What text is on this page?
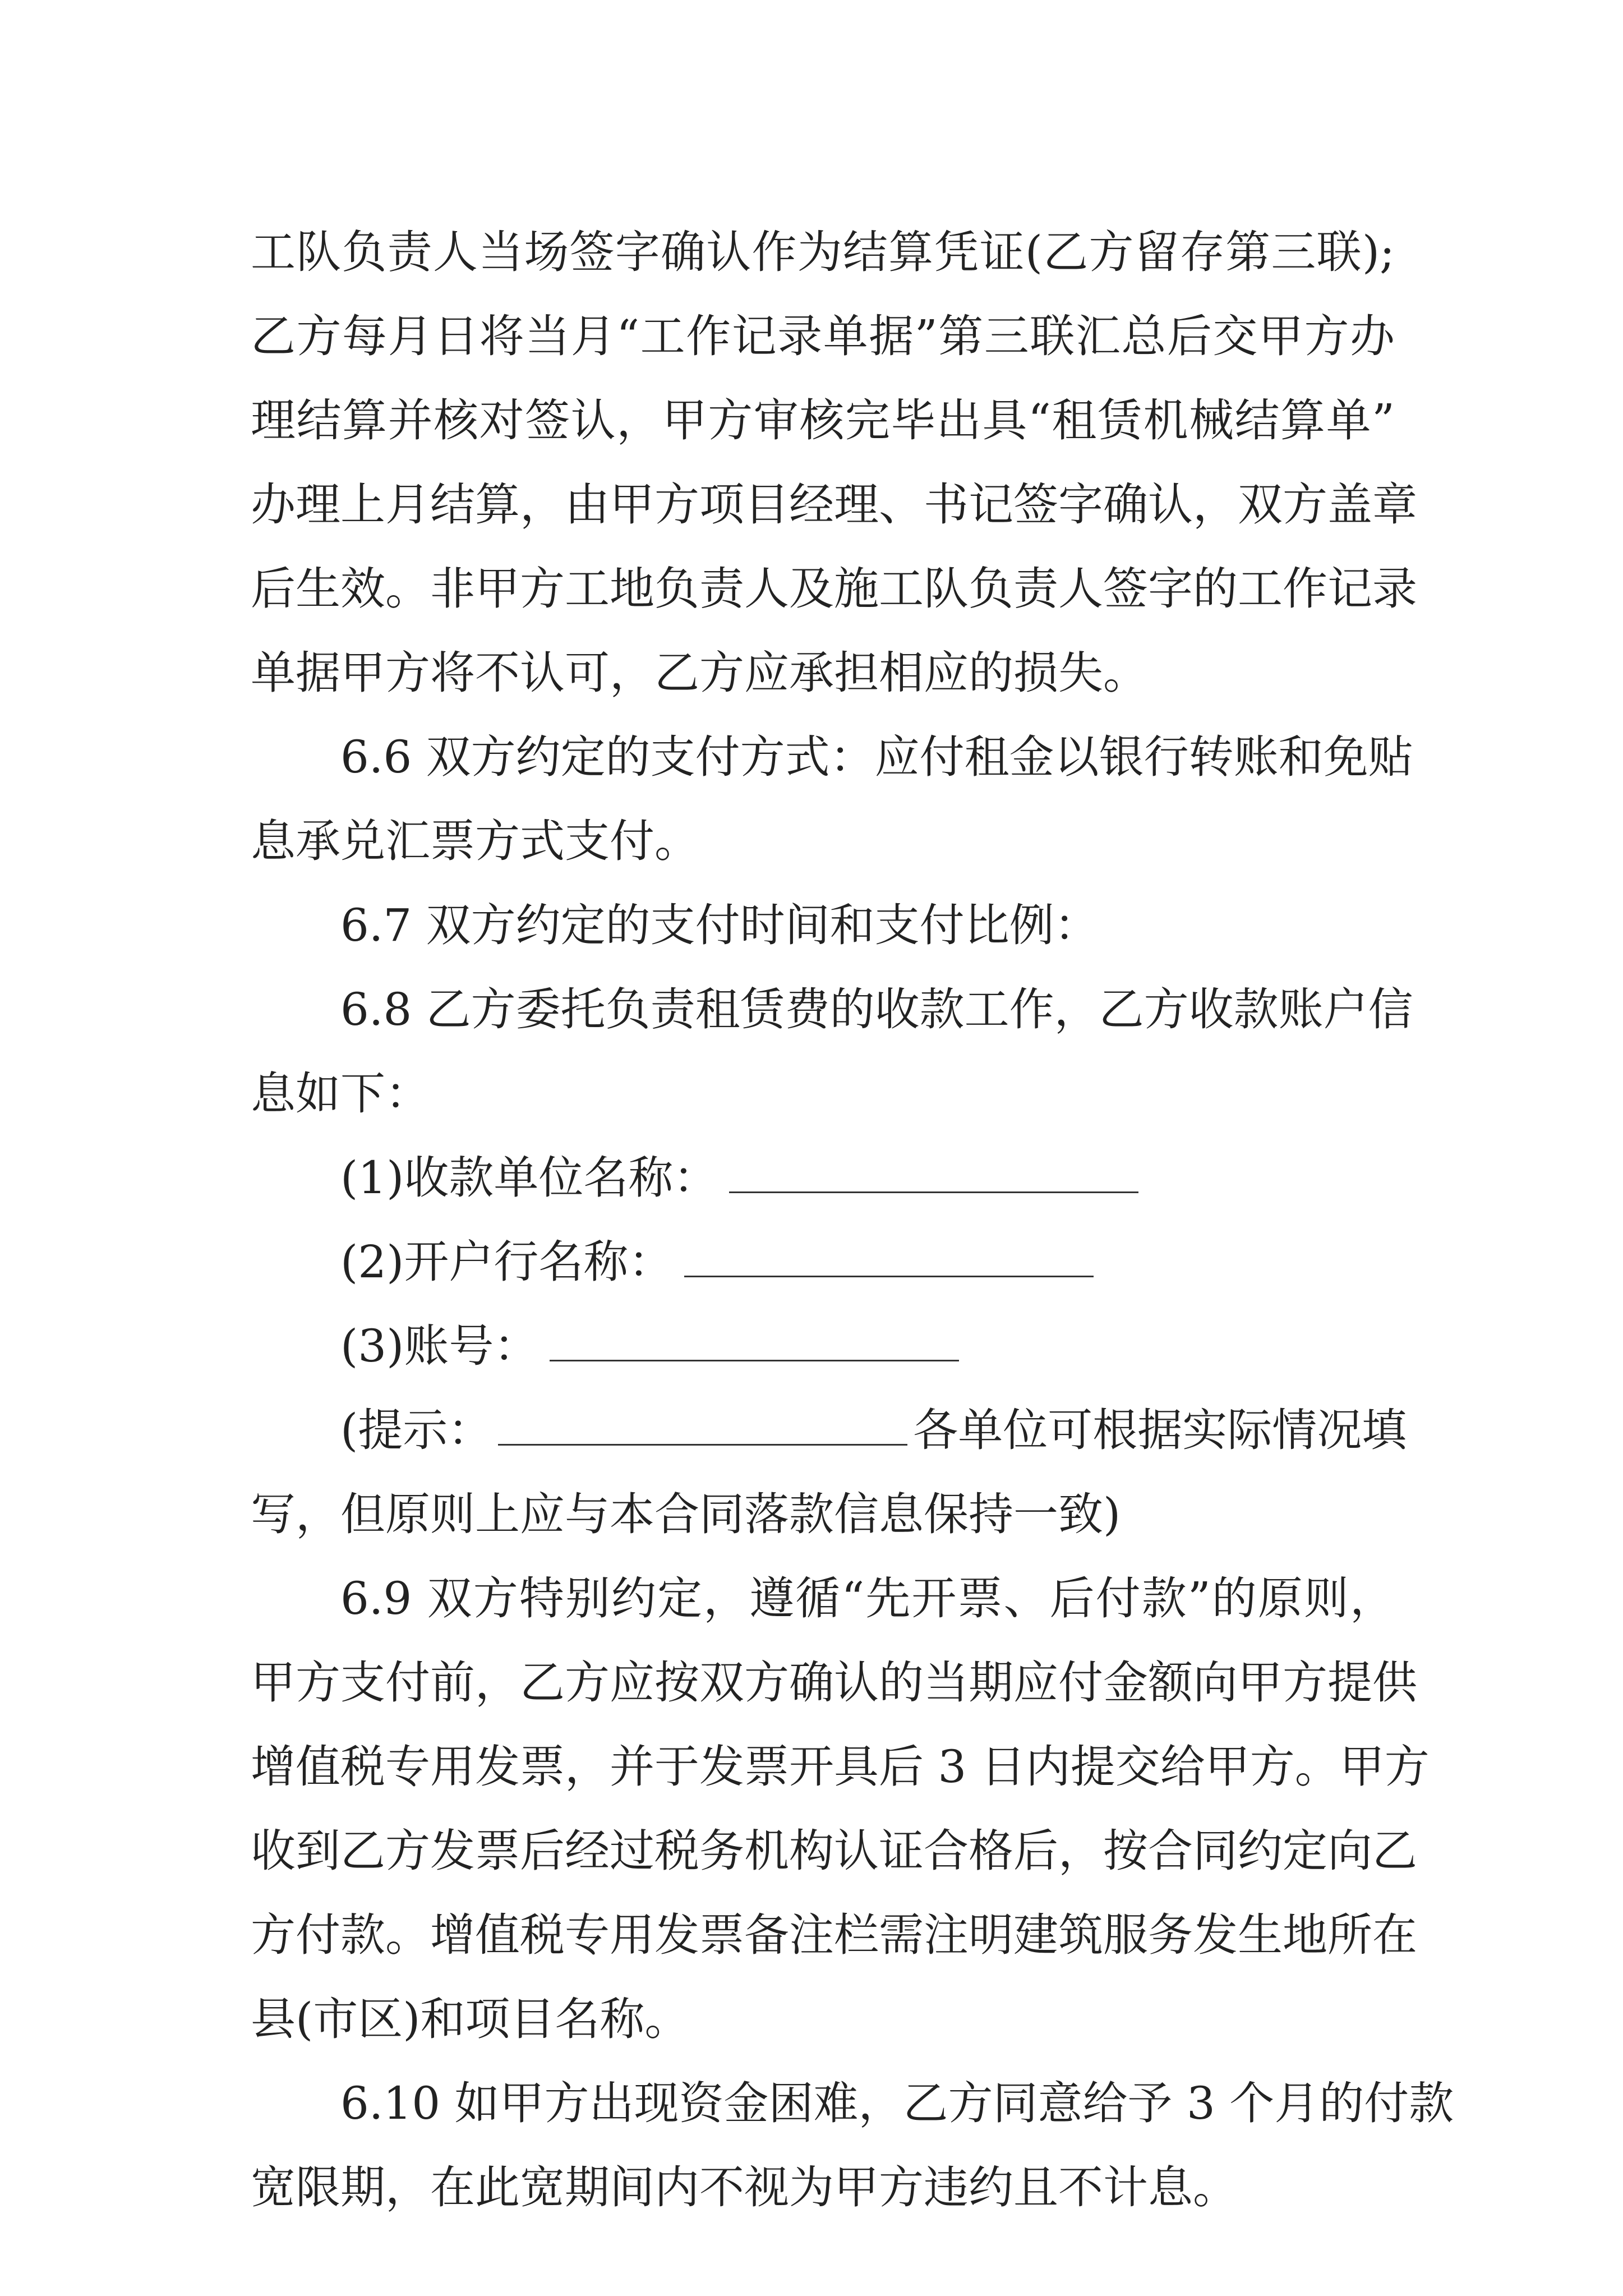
工队负责人当场签字确认作为结算凭证(乙方留存第三联);
乙方每月日将当月“工作记录单据”第三联汇总后交甲方办
理结算并核对签认，甲方审核完毕出具“租赁机械结算单”
办理上月结算，由甲方项目经理、书记签字确认，双方盖章
后生效。非甲方工地负责人及施工队负责人签字的工作记录
单据甲方将不认可，乙方应承担相应的损失。
6.6 双方约定的支付方式：应付租金以银行转账和免贴
息承兑汇票方式支付。
6.7 双方约定的支付时间和支付比例：
6.8 乙方委托负责租赁费的收款工作，乙方收款账户信
息如下：
(1)收款单位名称：
(2)开户行名称：
(3)账号：
(提示：	各单位可根据实际情况填
写，但原则上应与本合同落款信息保持一致)
6.9 双方特别约定，遵循“先开票、后付款”的原则，
甲方支付前，乙方应按双方确认的当期应付金额向甲方提供
增值税专用发票，并于发票开具后 3 日内提交给甲方。甲方
收到乙方发票后经过税务机构认证合格后，按合同约定向乙
方付款。增值税专用发票备注栏需注明建筑服务发生地所在
县(市区)和项目名称。
6.10 如甲方出现资金困难，乙方同意给予 3 个月的付款
宽限期，在此宽期间内不视为甲方违约且不计息。
